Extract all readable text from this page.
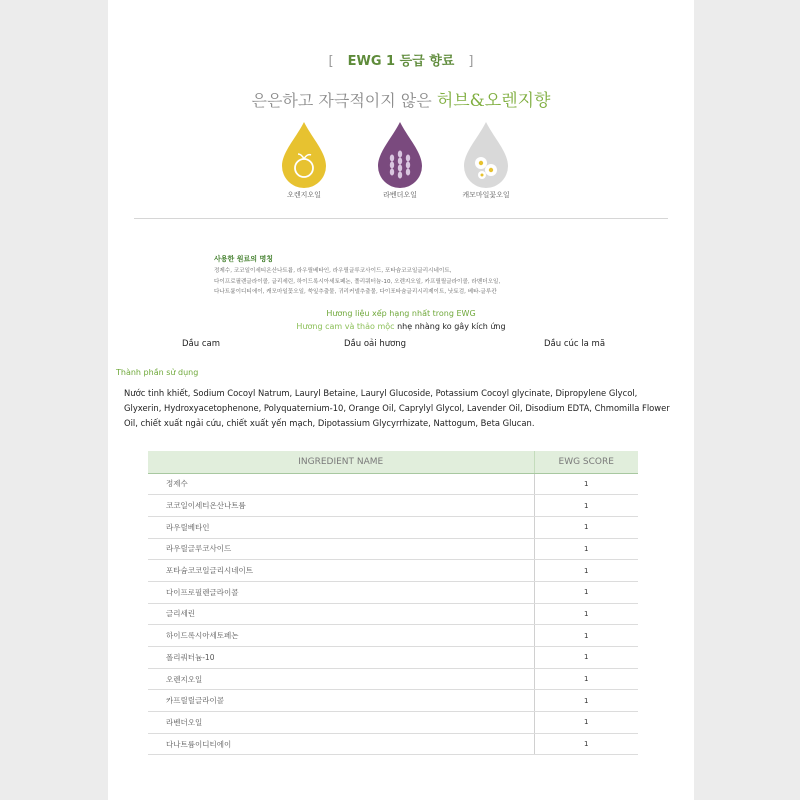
[ EWG 1 등급 향료 ]
은은하고 자극적이지 않은 허브&오렌지향
오렌지오일	라벤더오일	캐모마일꽃오일
사용한 원료의 명칭
정제수, 코코일이세티온산나트륨, 라우릴베타인, 라우릴글루코사이드, 포타슘코코일글리시네이트,
다이프로필렌글라이콜, 글리세린, 하이드록시아세토페논, 폴리쿼터늄-10, 오렌지오일, 카프릴릴글라이콜, 라벤더오일,
다나트륨이디티에이, 캐모마일꽃오일, 쑥잎추출물, 귀리커넬추출물, 다이포타슘글리시리제이트, 낫토검, 베타-글루칸
Hương liệu xếp hạng nhất trong EWG
Hương cam và thảo mộc nhẹ nhàng ko gây kích ứng
Dầu cam	Dầu oải hương	Dầu cúc la mã
Thành phần sử dụng
Nước tinh khiết, Sodium Cocoyl Natrum, Lauryl Betaine, Lauryl Glucoside, Potassium Cocoyl glycinate, Dipropylene Glycol, Glyxerin, Hydroxyacetophenone, Polyquaternium-10, Orange Oil, Caprylyl Glycol, Lavender Oil, Disodium EDTA, Chmomilla Flower Oil, chiết xuất ngải cứu, chiết xuất yến mạch, Dipotassium Glycyrrhizate, Nattogum, Beta Glucan.
INGREDIENT NAME	EWG SCORE
정제수	1
코코일이세티온산나트륨	1
라우릴베타인	1
라우릴글루코사이드	1
포타슘코코일글리시네이트	1
다이프로필렌글라이콜	1
글리세린	1
하이드록시아세토페논	1
폴리쿼터늄-10	1
오렌지오일	1
카프릴릴글라이콜	1
라벤더오일	1
다나트륨이디티에이	1
